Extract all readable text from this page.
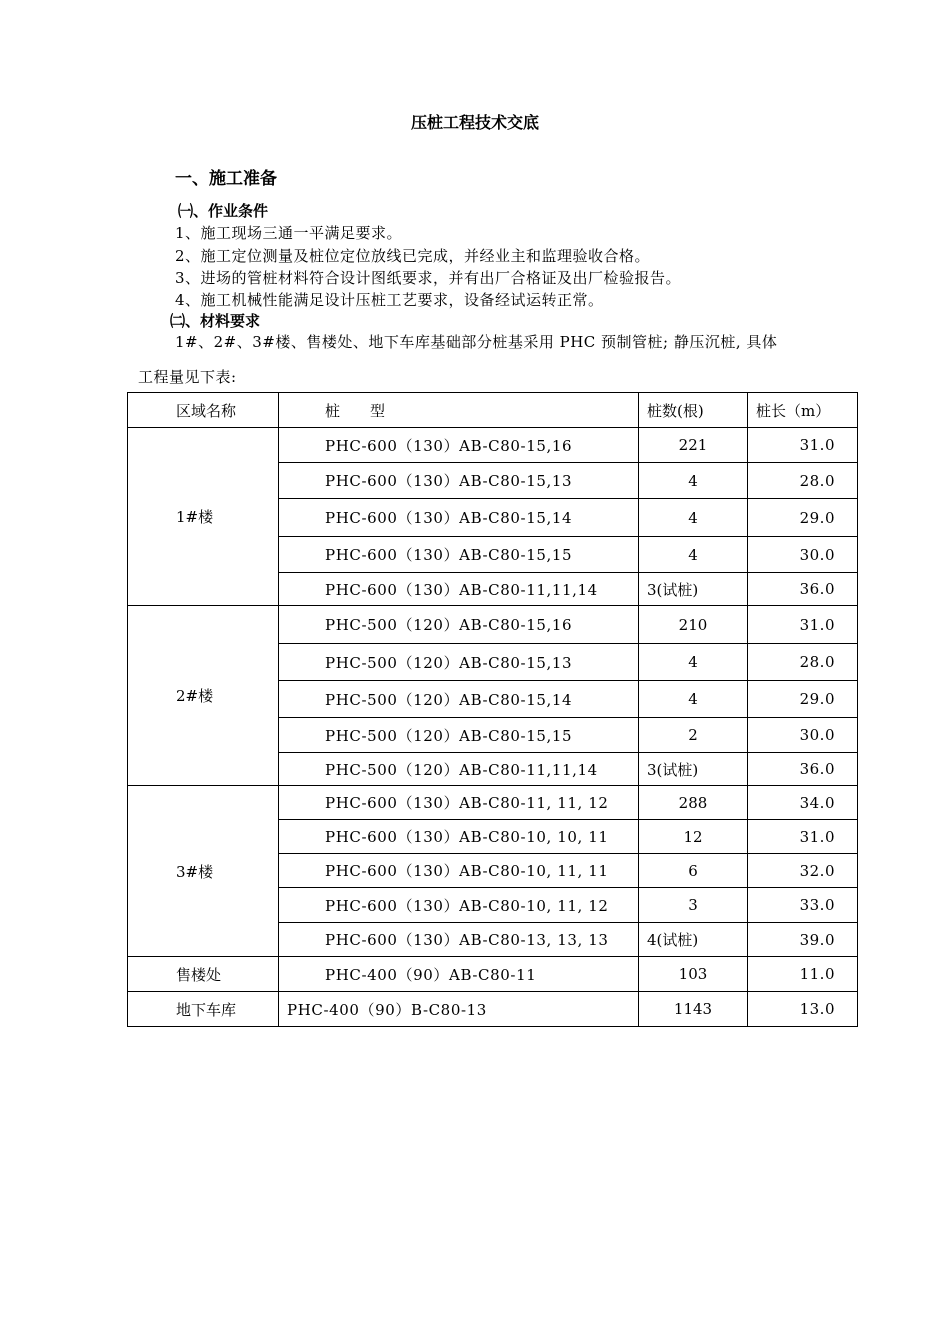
压桩工程技术交底
一、施工准备
㈠、作业条件
1、施工现场三通一平满足要求。
2、施工定位测量及桩位定位放线已完成，并经业主和监理验收合格。
3、进场的管桩材料符合设计图纸要求，并有出厂合格证及出厂检验报告。
4、施工机械性能满足设计压桩工艺要求，设备经试运转正常。
㈡、材料要求
1#、2#、3#楼、售楼处、地下车库基础部分桩基采用 PHC 预制管桩; 静压沉桩, 具体
工程量见下表:
区域名称	桩　　型	桩数(根)	桩长（m）
1#楼	PHC-600（130）AB-C80-15,16	221	31.0
	PHC-600（130）AB-C80-15,13	4	28.0
	PHC-600（130）AB-C80-15,14	4	29.0
	PHC-600（130）AB-C80-15,15	4	30.0
	PHC-600（130）AB-C80-11,11,14	3(试桩)	36.0
2#楼	PHC-500（120）AB-C80-15,16	210	31.0
	PHC-500（120）AB-C80-15,13	4	28.0
	PHC-500（120）AB-C80-15,14	4	29.0
	PHC-500（120）AB-C80-15,15	2	30.0
	PHC-500（120）AB-C80-11,11,14	3(试桩)	36.0
3#楼	PHC-600（130）AB-C80-11, 11, 12	288	34.0
	PHC-600（130）AB-C80-10, 10, 11	12	31.0
	PHC-600（130）AB-C80-10, 11, 11	6	32.0
	PHC-600（130）AB-C80-10, 11, 12	3	33.0
	PHC-600（130）AB-C80-13, 13, 13	4(试桩)	39.0
售楼处	PHC-400（90）AB-C80-11	103	11.0
地下车库	PHC-400（90）B-C80-13	1143	13.0
